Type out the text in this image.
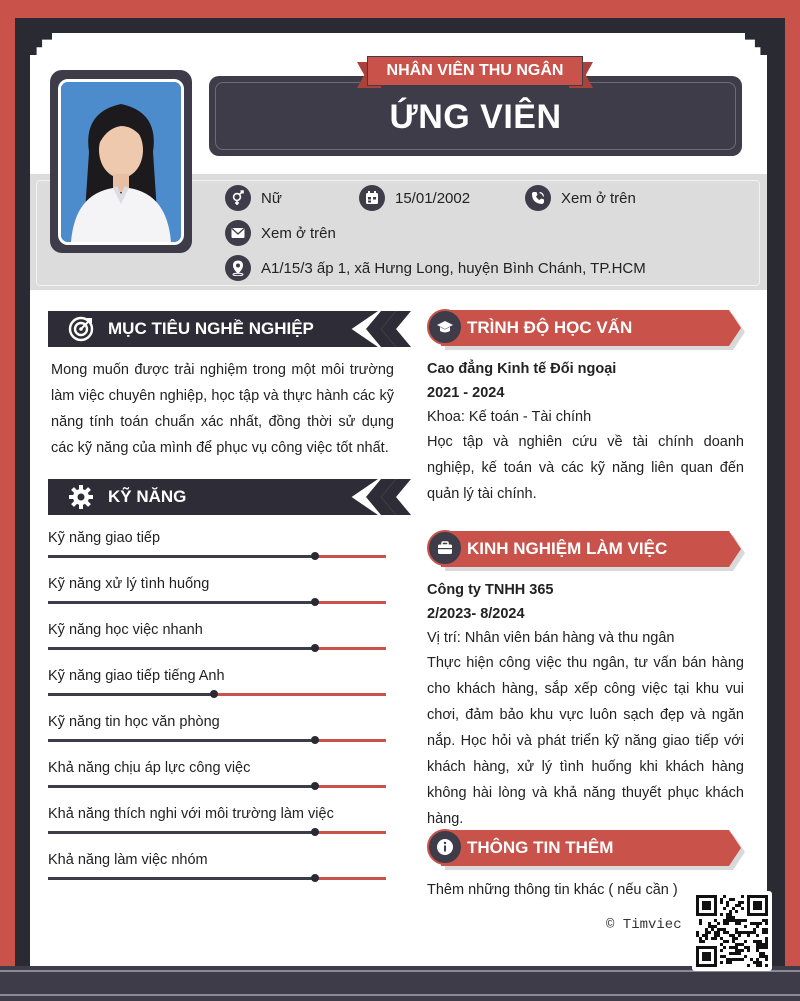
ỨNG VIÊN
NHÂN VIÊN THU NGÂN
Nữ	15/01/2002	Xem ở trên
Xem ở trên
A1/15/3 ấp 1, xã Hưng Long, huyện Bình Chánh, TP.HCM
MỤC TIÊU NGHỀ NGHIỆP
Mong muốn được trải nghiệm trong một môi trường làm việc chuyên nghiệp, học tập và thực hành các kỹ năng tính toán chuẩn xác nhất, đồng thời sử dụng các kỹ năng của mình để phục vụ công việc tốt nhất.
KỸ NĂNG
Kỹ năng giao tiếp
Kỹ năng xử lý tình huống
Kỹ năng học việc nhanh
Kỹ năng giao tiếp tiếng Anh
Kỹ năng tin học văn phòng
Khả năng chịu áp lực công việc
Khả năng thích nghi với môi trường làm việc
Khả năng làm việc nhóm
TRÌNH ĐỘ HỌC VẤN
Cao đẳng Kinh tế Đối ngoại
2021 - 2024
Khoa: Kế toán - Tài chính
Học tập và nghiên cứu về tài chính doanh nghiệp, kế toán và các kỹ năng liên quan đến quản lý tài chính.
KINH NGHIỆM LÀM VIỆC
Công ty TNHH 365
2/2023- 8/2024
Vị trí: Nhân viên bán hàng và thu ngân
Thực hiện công việc thu ngân, tư vấn bán hàng cho khách hàng, sắp xếp công việc tại khu vui chơi, đảm bảo khu vực luôn sạch đẹp và ngăn nắp. Học hỏi và phát triển kỹ năng giao tiếp với khách hàng, xử lý tình huống khi khách hàng không hài lòng và khả năng thuyết phục khách hàng.
THÔNG TIN THÊM
Thêm những thông tin khác ( nếu cần )
© Timviec
